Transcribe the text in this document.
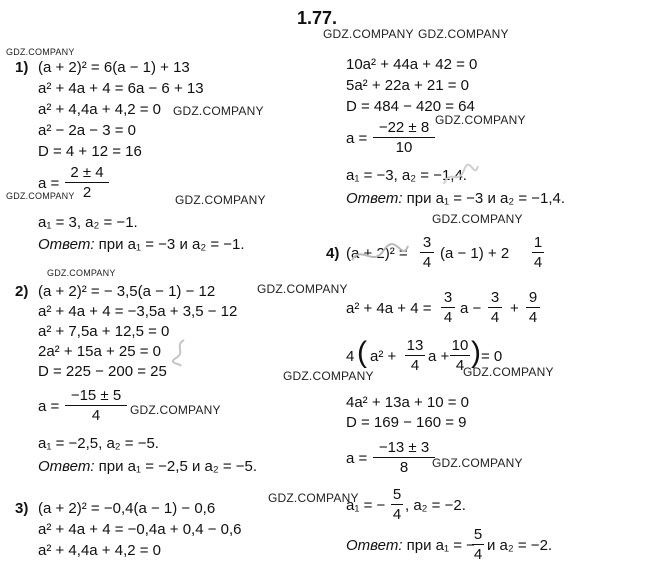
1.77.
GDZ.COMPANY GDZ.COMPANY
GDZ.COMPANY
GDZ.COMPANY
GDZ.COMPANY
GDZ.COMPANY	GDZ.COMPANY
GDZ.COMPANY
GDZ.COMPANY
GDZ.COMPANY
GDZ.COMPANY	GDZ.COMPANY
GDZ.COMPANY
GDZ.COMPANY
GDZ.COMPANY
1) (a + 2)² = 6(a − 1) + 13
a² + 4a + 4 = 6a − 6 + 13
a² + 4,4a + 4,2 = 0
a² − 2a − 3 = 0
D = 4 + 12 = 16
a =
2 ± 4
2
a₁ = 3, a₂ = −1.
Ответ: при a₁ = −3 и a₂ = −1.
2) (a + 2)² = − 3,5(a − 1) − 12
a² + 4a + 4 = −3,5a + 3,5 − 12
a² + 7,5a + 12,5 = 0
2a² + 15a + 25 = 0
D = 225 − 200 = 25
a =
−15 ± 5
4
a₁ = −2,5, a₂ = −5.
Ответ: при a₁ = −2,5 и a₂ = −5.
3) (a + 2)² = −0,4(a − 1) − 0,6
a² + 4a + 4 = −0,4a + 0,4 − 0,6
a² + 4,4a + 4,2 = 0
10a² + 44a + 42 = 0
5a² + 22a + 21 = 0
D = 484 − 420 = 64
a =
−22 ± 8
10
a₁ = −3, a₂ = −1,4.
Ответ: при a₁ = −3 и a₂ = −1,4.
4) (a + 2)² =
3
4
(a − 1) + 2
1
4
a² + 4a + 4 =
3
4
a −
3
4
+
9
4
4 ( a² +
13
4
a +
10
4 ) = 0
4a² + 13a + 10 = 0
D = 169 − 160 = 9
a =
−13 ± 3
8
a₁ = −
5
4
, a₂ = −2.
Ответ: при a₁ = −
5
4
и a₂ = −2.
